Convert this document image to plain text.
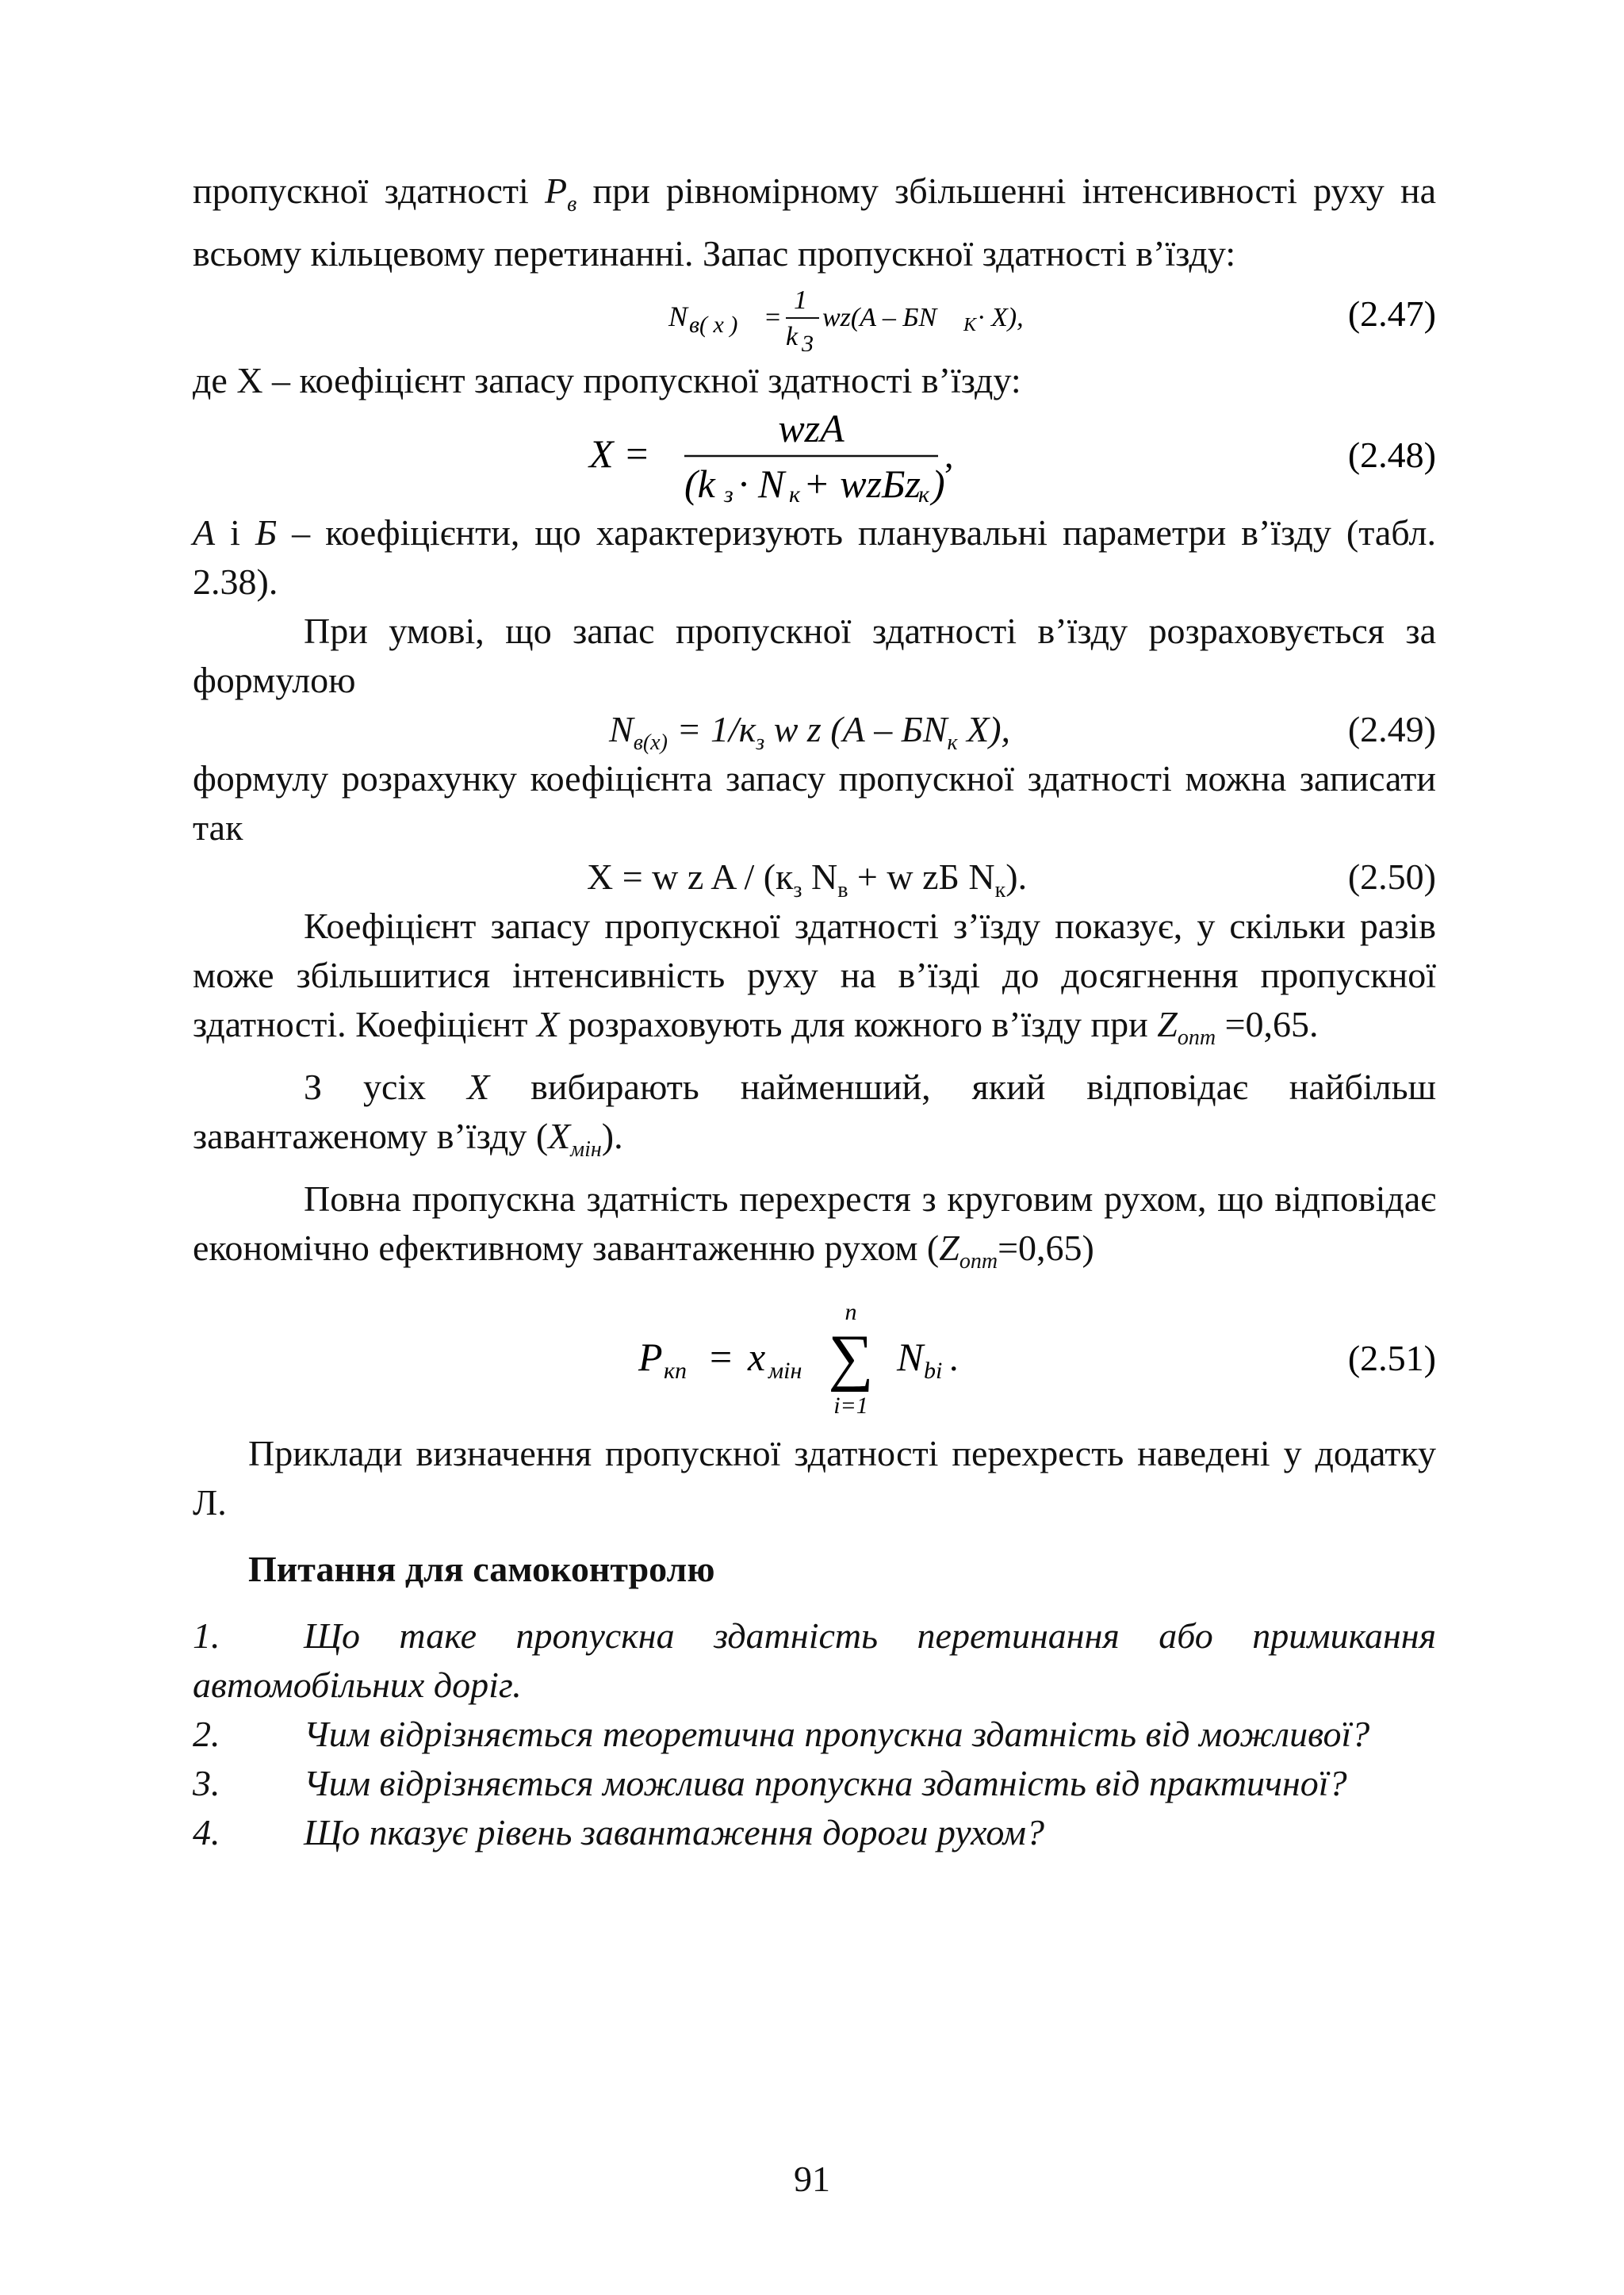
пропускної здатності $P_в$ при рівномірному збільшенні інтенсивності руху на всьому кільцевому перетинанні. Запас пропускної здатності в’їзду:

N в( x ) =
1
k 3
wz(A – БN K · X),	(2.47)

де X – коефіцієнт запасу пропускної здатності в’їзду:

X =
wzA
(k з · N к + wzБz
к )
,	(2.48)

А і Б – коефіцієнти, що характеризують планувальні параметри в’їзду (табл. 2.38).

При умові, що запас пропускної здатності в’їзду розраховується за формулою

$N_{в(x)} = 1/к_з$ w z ($А - БN_к$ X),	(2.49)

формулу розрахунку коефіцієнта запасу пропускної здатності можна записати так

X = w z A / ($к_з$ $N_в + w$ zБ $N_к$).	(2.50)

Коефіцієнт запасу пропускної здатності з’їзду показує, у скільки разів може збільшитися інтенсивність руху на в’їзді до досягнення пропускної здатності. Коефіцієнт X розраховують для кожного в’їзду при $Z_{опт} =0,65$.

З усіх X вибирають найменший, який відповідає найбільш завантаженому в’їзду $(X_{мін})$.

Повна пропускна здатність перехрестя з круговим рухом, що відповідає економічно ефективному завантаженню рухом $(Z_{опт}=0,65)$

P кп = x мін
n
∑
i=1
N bi .	(2.51)

Приклади визначення пропускної здатності перехресть наведені у додатку Л.

Питання для самоконтролю

1. Що таке пропускна здатність перетинання або примикання автомобільних доріг.

2. Чим відрізняється теоретична пропускна здатність від можливої?

3. Чим відрізняється можлива пропускна здатність від практичної?

4. Що пказує рівень завантаження дороги рухом?

91
